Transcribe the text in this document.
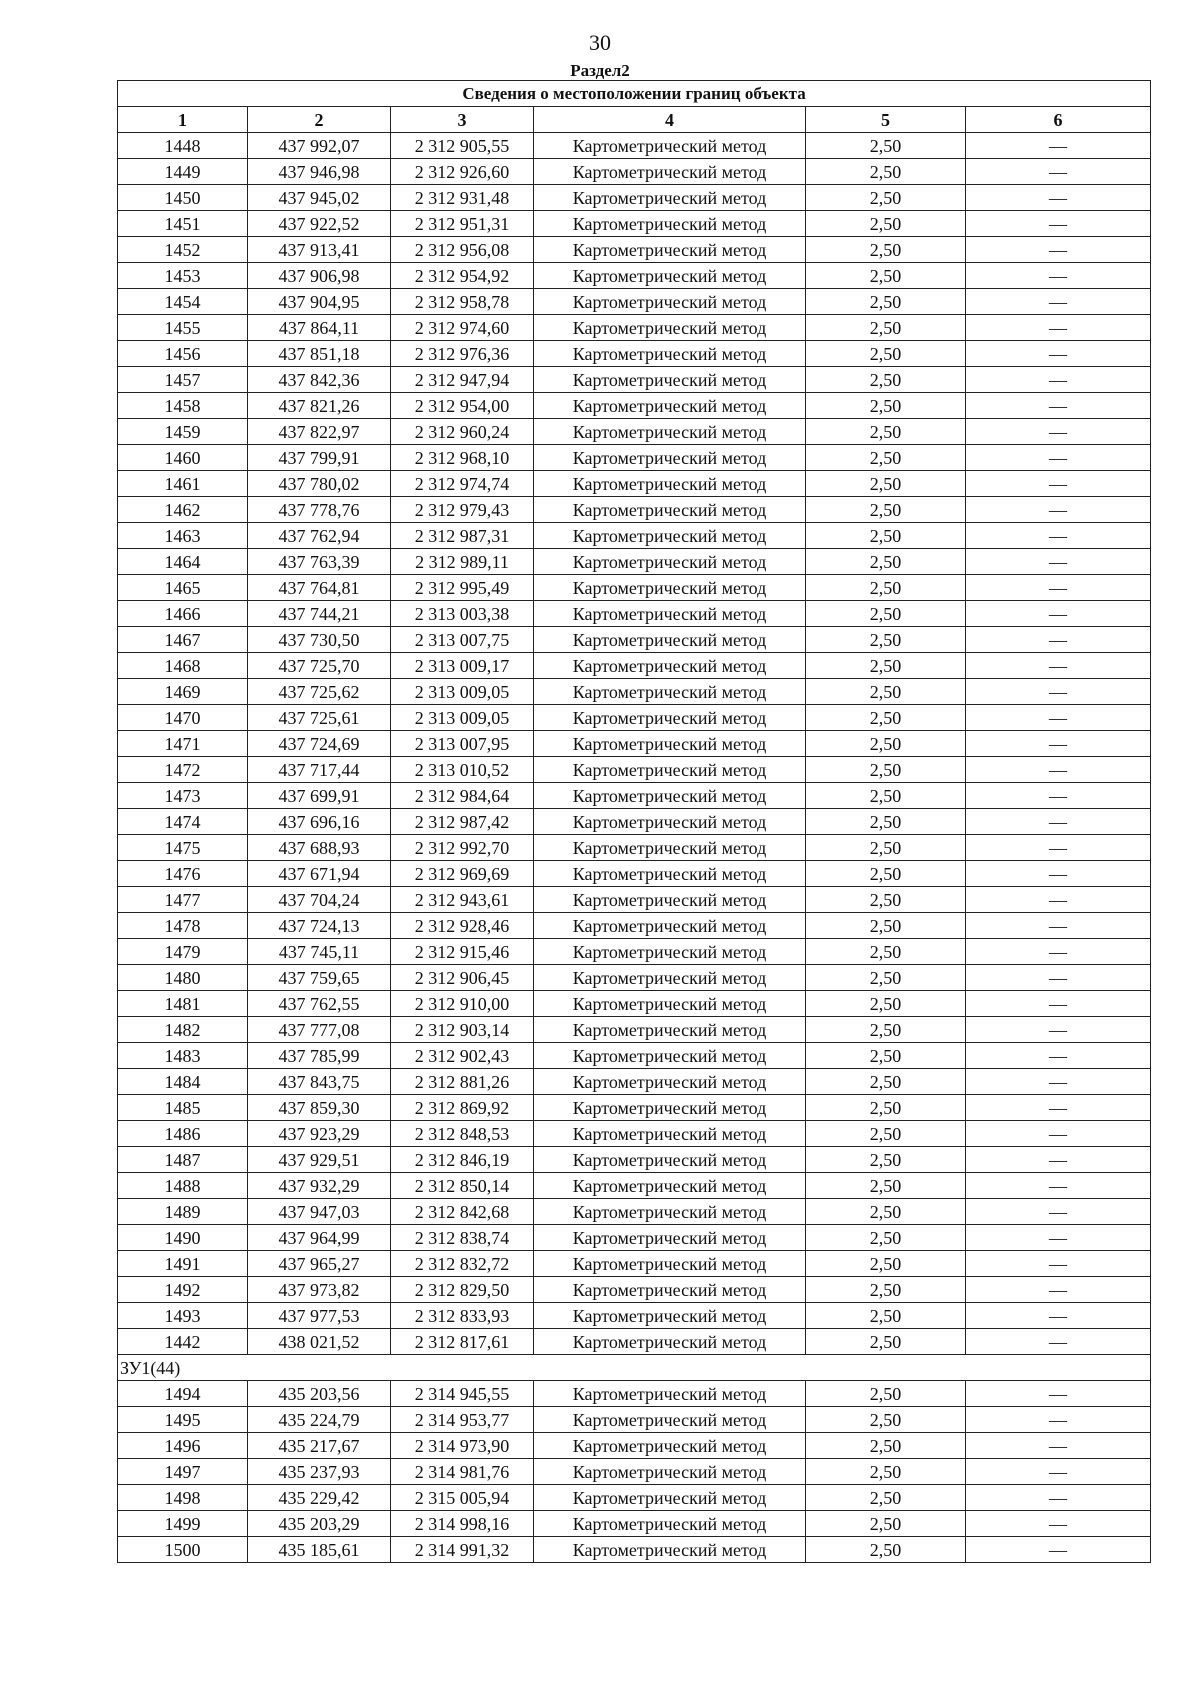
30
Раздел2
Сведения о местоположении границ объекта					
1	2	3	4	5	6
1448	437 992,07	2 312 905,55	Картометрический метод	2,50	—
1449	437 946,98	2 312 926,60	Картометрический метод	2,50	—
1450	437 945,02	2 312 931,48	Картометрический метод	2,50	—
1451	437 922,52	2 312 951,31	Картометрический метод	2,50	—
1452	437 913,41	2 312 956,08	Картометрический метод	2,50	—
1453	437 906,98	2 312 954,92	Картометрический метод	2,50	—
1454	437 904,95	2 312 958,78	Картометрический метод	2,50	—
1455	437 864,11	2 312 974,60	Картометрический метод	2,50	—
1456	437 851,18	2 312 976,36	Картометрический метод	2,50	—
1457	437 842,36	2 312 947,94	Картометрический метод	2,50	—
1458	437 821,26	2 312 954,00	Картометрический метод	2,50	—
1459	437 822,97	2 312 960,24	Картометрический метод	2,50	—
1460	437 799,91	2 312 968,10	Картометрический метод	2,50	—
1461	437 780,02	2 312 974,74	Картометрический метод	2,50	—
1462	437 778,76	2 312 979,43	Картометрический метод	2,50	—
1463	437 762,94	2 312 987,31	Картометрический метод	2,50	—
1464	437 763,39	2 312 989,11	Картометрический метод	2,50	—
1465	437 764,81	2 312 995,49	Картометрический метод	2,50	—
1466	437 744,21	2 313 003,38	Картометрический метод	2,50	—
1467	437 730,50	2 313 007,75	Картометрический метод	2,50	—
1468	437 725,70	2 313 009,17	Картометрический метод	2,50	—
1469	437 725,62	2 313 009,05	Картометрический метод	2,50	—
1470	437 725,61	2 313 009,05	Картометрический метод	2,50	—
1471	437 724,69	2 313 007,95	Картометрический метод	2,50	—
1472	437 717,44	2 313 010,52	Картометрический метод	2,50	—
1473	437 699,91	2 312 984,64	Картометрический метод	2,50	—
1474	437 696,16	2 312 987,42	Картометрический метод	2,50	—
1475	437 688,93	2 312 992,70	Картометрический метод	2,50	—
1476	437 671,94	2 312 969,69	Картометрический метод	2,50	—
1477	437 704,24	2 312 943,61	Картометрический метод	2,50	—
1478	437 724,13	2 312 928,46	Картометрический метод	2,50	—
1479	437 745,11	2 312 915,46	Картометрический метод	2,50	—
1480	437 759,65	2 312 906,45	Картометрический метод	2,50	—
1481	437 762,55	2 312 910,00	Картометрический метод	2,50	—
1482	437 777,08	2 312 903,14	Картометрический метод	2,50	—
1483	437 785,99	2 312 902,43	Картометрический метод	2,50	—
1484	437 843,75	2 312 881,26	Картометрический метод	2,50	—
1485	437 859,30	2 312 869,92	Картометрический метод	2,50	—
1486	437 923,29	2 312 848,53	Картометрический метод	2,50	—
1487	437 929,51	2 312 846,19	Картометрический метод	2,50	—
1488	437 932,29	2 312 850,14	Картометрический метод	2,50	—
1489	437 947,03	2 312 842,68	Картометрический метод	2,50	—
1490	437 964,99	2 312 838,74	Картометрический метод	2,50	—
1491	437 965,27	2 312 832,72	Картометрический метод	2,50	—
1492	437 973,82	2 312 829,50	Картометрический метод	2,50	—
1493	437 977,53	2 312 833,93	Картометрический метод	2,50	—
1442	438 021,52	2 312 817,61	Картометрический метод	2,50	—
ЗУ1(44)					
1494	435 203,56	2 314 945,55	Картометрический метод	2,50	—
1495	435 224,79	2 314 953,77	Картометрический метод	2,50	—
1496	435 217,67	2 314 973,90	Картометрический метод	2,50	—
1497	435 237,93	2 314 981,76	Картометрический метод	2,50	—
1498	435 229,42	2 315 005,94	Картометрический метод	2,50	—
1499	435 203,29	2 314 998,16	Картометрический метод	2,50	—
1500	435 185,61	2 314 991,32	Картометрический метод	2,50	—
